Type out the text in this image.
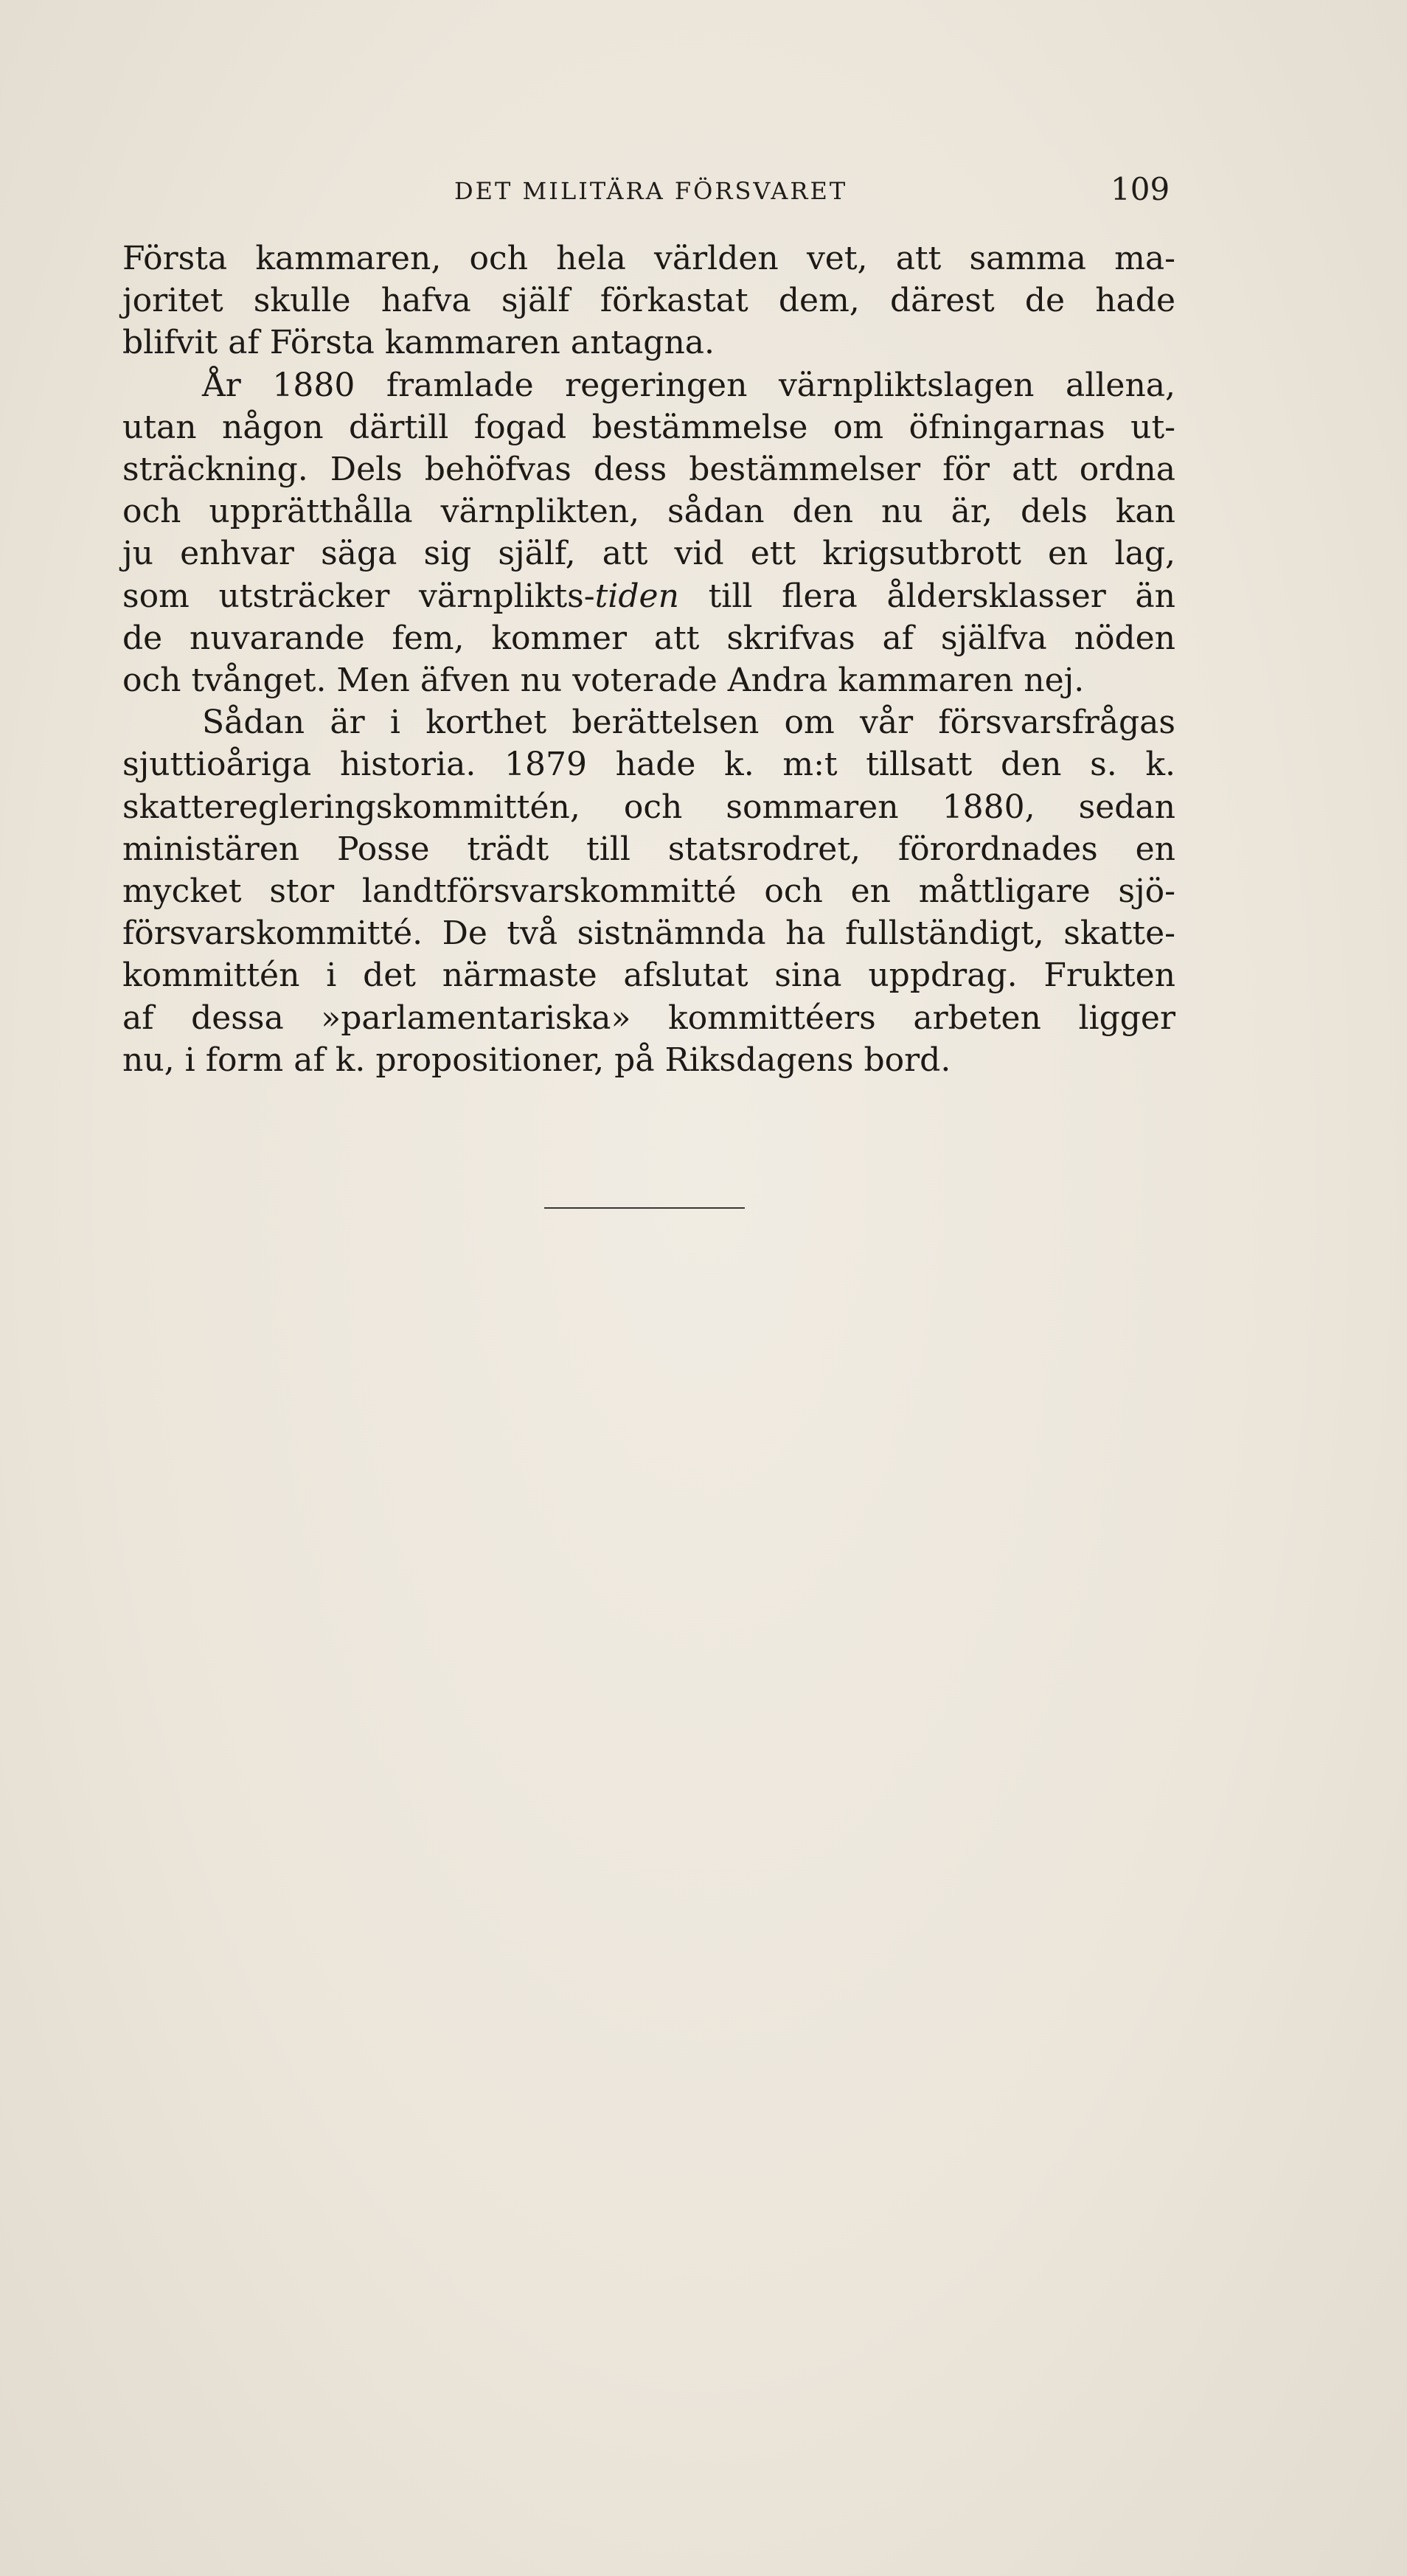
DET MILITÄRA FÖRSVARET	109
Första kammaren, och hela världen vet, att samma ma-
joritet skulle hafva själf förkastat dem, därest de hade
blifvit af Första kammaren antagna.
År 1880 framlade regeringen värnpliktslagen allena,
utan någon därtill fogad bestämmelse om öfningarnas ut-
sträckning. Dels behöfvas dess bestämmelser för att ordna
och upprätthålla värnplikten, sådan den nu är, dels kan
ju enhvar säga sig själf, att vid ett krigsutbrott en lag,
som utsträcker värnplikts-tiden till flera åldersklasser än
de nuvarande fem, kommer att skrifvas af själfva nöden
och tvånget. Men äfven nu voterade Andra kammaren nej.
Sådan är i korthet berättelsen om vår försvarsfrågas
sjuttioåriga historia. 1879 hade k. m:t tillsatt den s. k.
skatteregleringskommittén, och sommaren 1880, sedan
ministären Posse trädt till statsrodret, förordnades en
mycket stor landtförsvarskommitté och en måttligare sjö-
försvarskommitté. De två sistnämnda ha fullständigt, skatte-
kommittén i det närmaste afslutat sina uppdrag. Frukten
af dessa »parlamentariska» kommittéers arbeten ligger
nu, i form af k. propositioner, på Riksdagens bord.
